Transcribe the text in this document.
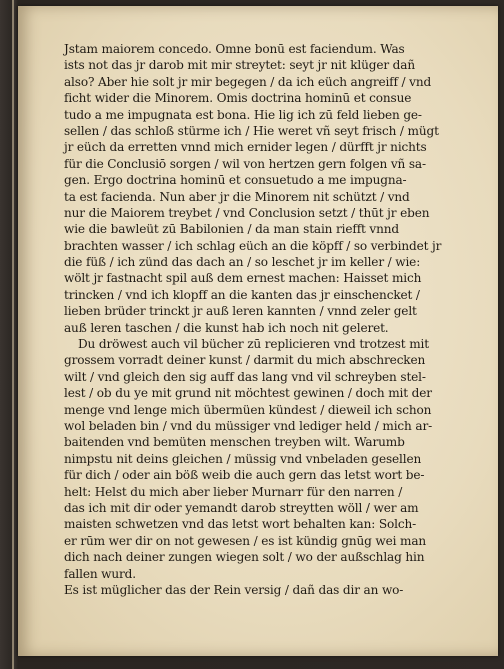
Jstam maiorem concedo. Omne bonū est faciendum. Was
ists not das jr darob mit mir streytet: seyt jr nit klüger dañ
also? Aber hie solt jr mir begegen / da ich eüch angreiff / vnd
ficht wider die Minorem. Omis doctrina hominū et consue
tudo a me impugnata est bona. Hie lig ich zū feld lieben ge-
sellen / das schloß stürme ich / Hie weret vñ seyt frisch / mügt
jr eüch da erretten vnnd mich ernider legen / dürfft jr nichts
für die Conclusiō sorgen / wil von hertzen gern folgen vñ sa-
gen. Ergo doctrina hominū et consuetudo a me impugna-
ta est facienda. Nun aber jr die Minorem nit schützt / vnd
nur die Maiorem treybet / vnd Conclusion setzt / thūt jr eben
wie die bawleüt zū Babilonien / da man stain riefft vnnd
brachten wasser / ich schlag eüch an die köpff / so verbindet jr
die füß / ich zünd das dach an / so leschet jr im keller / wie:
wölt jr fastnacht spil auß dem ernest machen: Haisset mich
trincken / vnd ich klopff an die kanten das jr einschencket /
lieben brüder trinckt jr auß leren kannten / vnnd zeler gelt
auß leren taschen / die kunst hab ich noch nit geleret.
Du dröwest auch vil bücher zū replicieren vnd trotzest mit
grossem vorradt deiner kunst / darmit du mich abschrecken
wilt / vnd gleich den sig auff das lang vnd vil schreyben stel-
lest / ob du ye mit grund nit möchtest gewinen / doch mit der
menge vnd lenge mich übermüen kündest / dieweil ich schon
wol beladen bin / vnd du müssiger vnd lediger held / mich ar-
baitenden vnd bemüten menschen treyben wilt. Warumb
nimpstu nit deins gleichen / müssig vnd vnbeladen gesellen
für dich / oder ain böß weib die auch gern das letst wort be-
helt: Helst du mich aber lieber Murnarr für den narren /
das ich mit dir oder yemandt darob streytten wöll / wer am
maisten schwetzen vnd das letst wort behalten kan: Solch-
er rūm wer dir on not gewesen / es ist kündig gnūg wei man
dich nach deiner zungen wiegen solt / wo der außschlag hin
fallen wurd.
Es ist müglicher das der Rein versig / dañ das dir an wo-
